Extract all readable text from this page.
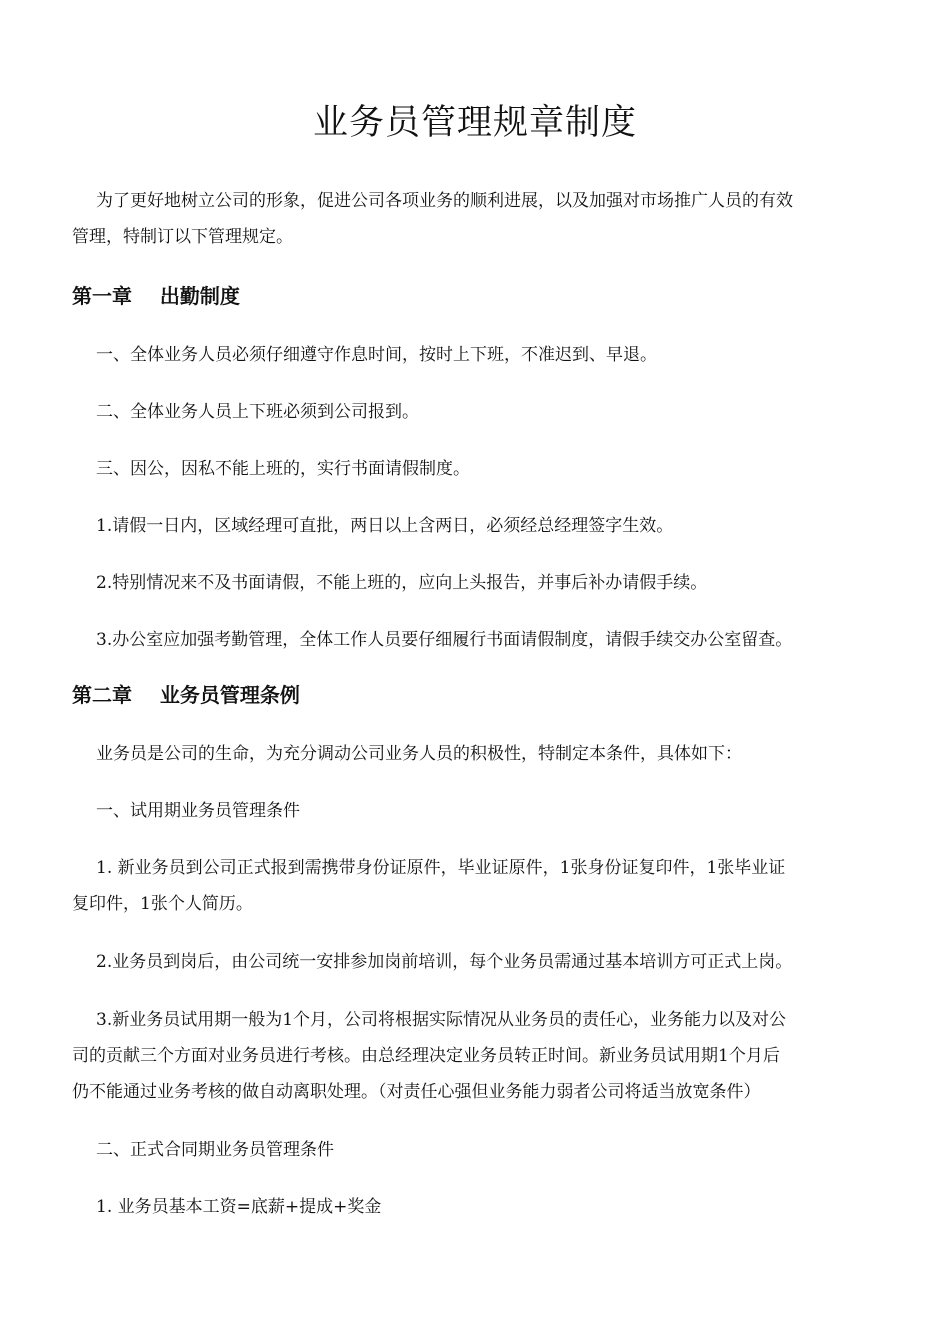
业务员管理规章制度

为了更好地树立公司的形象，促进公司各项业务的顺利进展，以及加强对市场推广人员的有效
管理，特制订以下管理规定。

第一章    出勤制度

一、全体业务人员必须仔细遵守作息时间，按时上下班，不准迟到、早退。

二、全体业务人员上下班必须到公司报到。

三、因公，因私不能上班的，实行书面请假制度。

1.请假一日内，区域经理可直批，两日以上含两日，必须经总经理签字生效。

2.特别情况来不及书面请假，不能上班的，应向上头报告，并事后补办请假手续。

3.办公室应加强考勤管理，全体工作人员要仔细履行书面请假制度，请假手续交办公室留查。

第二章    业务员管理条例

业务员是公司的生命，为充分调动公司业务人员的积极性，特制定本条件，具体如下：

一、试用期业务员管理条件

1. 新业务员到公司正式报到需携带身份证原件，毕业证原件，1张身份证复印件，1张毕业证
复印件，1张个人简历。

2.业务员到岗后，由公司统一安排参加岗前培训，每个业务员需通过基本培训方可正式上岗。

3.新业务员试用期一般为1个月，公司将根据实际情况从业务员的责任心，业务能力以及对公
司的贡献三个方面对业务员进行考核。由总经理决定业务员转正时间。新业务员试用期1个月后
仍不能通过业务考核的做自动离职处理。（对责任心强但业务能力弱者公司将适当放宽条件）

二、正式合同期业务员管理条件

1. 业务员基本工资=底薪+提成+奖金
